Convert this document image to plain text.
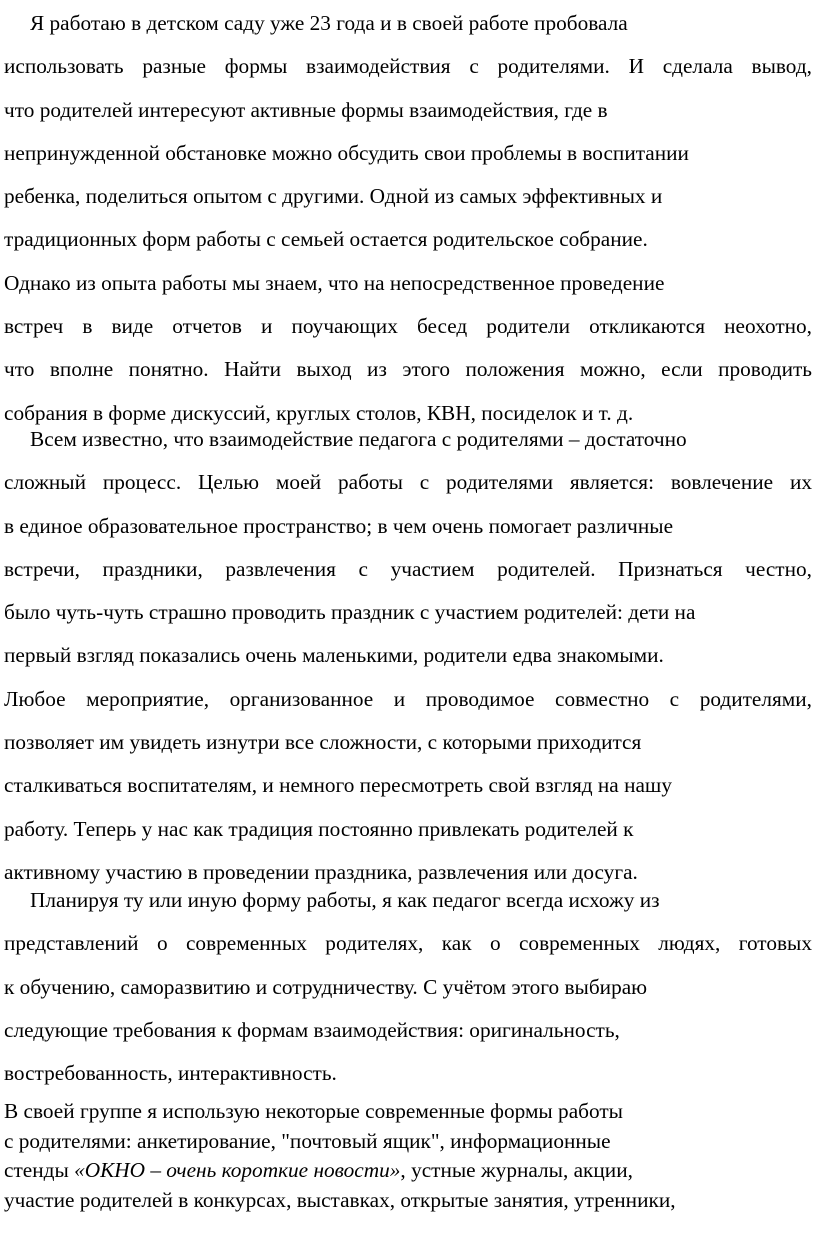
Я работаю в детском саду уже 23 года и в своей работе пробовала
использовать разные формы взаимодействия с родителями. И сделала вывод,
что родителей интересуют активные формы взаимодействия, где в
непринужденной обстановке можно обсудить свои проблемы в воспитании
ребенка, поделиться опытом с другими. Одной из самых эффективных и
традиционных форм работы с семьей остается родительское собрание.
Однако из опыта работы мы знаем, что на непосредственное проведение
встреч в виде отчетов и поучающих бесед родители откликаются неохотно,
что вполне понятно. Найти выход из этого положения можно, если проводить
собрания в форме дискуссий, круглых столов, КВН, посиделок и т. д.
Всем известно, что взаимодействие педагога с родителями – достаточно
сложный процесс. Целью моей работы с родителями является: вовлечение их
в единое образовательное пространство; в чем очень помогает различные
встречи, праздники, развлечения с участием родителей. Признаться честно,
было чуть-чуть страшно проводить праздник с участием родителей: дети на
первый взгляд показались очень маленькими, родители едва знакомыми.
Любое мероприятие, организованное и проводимое совместно с родителями,
позволяет им увидеть изнутри все сложности, с которыми приходится
сталкиваться воспитателям, и немного пересмотреть свой взгляд на нашу
работу. Теперь у нас как традиция постоянно привлекать родителей к
активному участию в проведении праздника, развлечения или досуга.
Планируя ту или иную форму работы, я как педагог всегда исхожу из
представлений о современных родителях, как о современных людях, готовых
к обучению, саморазвитию и сотрудничеству. С учётом этого выбираю
следующие требования к формам взаимодействия: оригинальность,
востребованность, интерактивность.
В своей группе я использую некоторые современные формы работы
с родителями: анкетирование, "почтовый ящик", информационные
стенды «ОКНО – очень короткие новости», устные журналы, акции,
участие родителей в конкурсах, выставках, открытые занятия, утренники,
